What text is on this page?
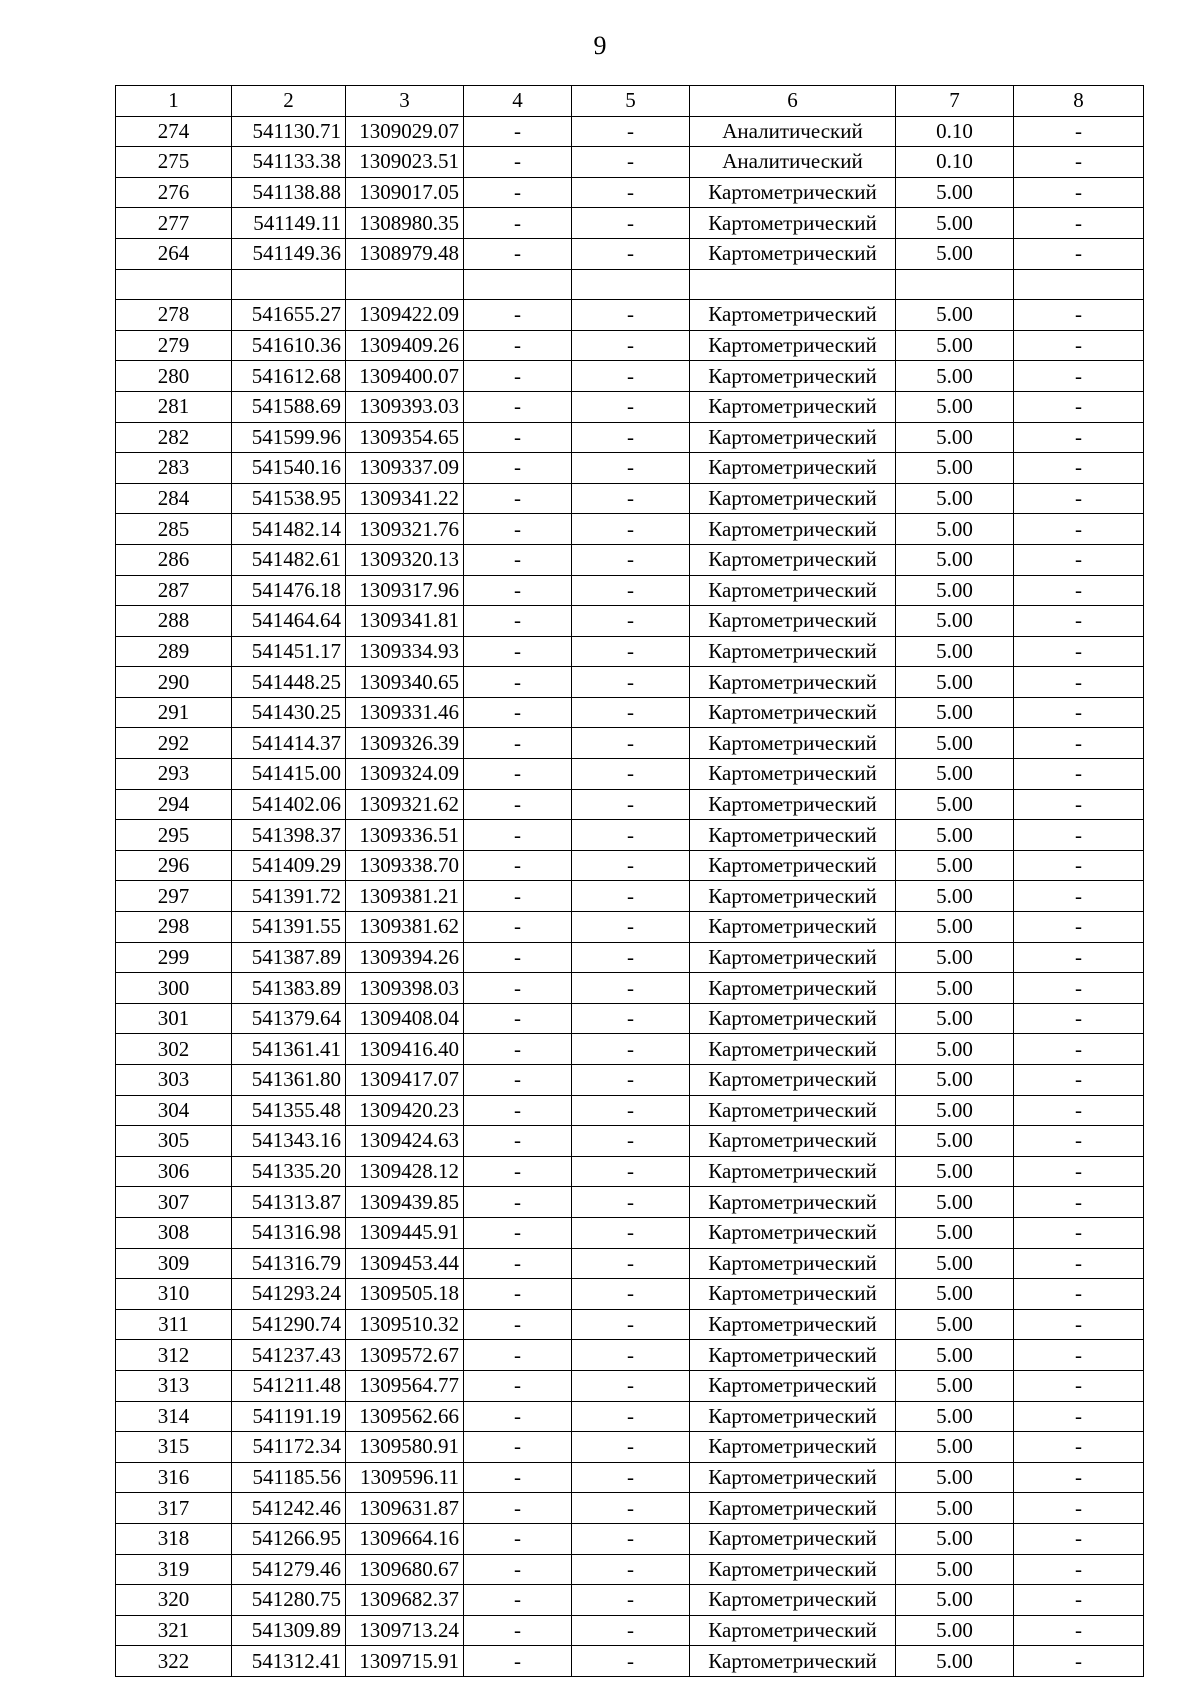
9
1	2	3	4	5	6	7	8
274	541130.71	1309029.07	-	-	Аналитический	0.10	-
275	541133.38	1309023.51	-	-	Аналитический	0.10	-
276	541138.88	1309017.05	-	-	Картометрический	5.00	-
277	541149.11	1308980.35	-	-	Картометрический	5.00	-
264	541149.36	1308979.48	-	-	Картометрический	5.00	-

278	541655.27	1309422.09	-	-	Картометрический	5.00	-
279	541610.36	1309409.26	-	-	Картометрический	5.00	-
280	541612.68	1309400.07	-	-	Картометрический	5.00	-
281	541588.69	1309393.03	-	-	Картометрический	5.00	-
282	541599.96	1309354.65	-	-	Картометрический	5.00	-
283	541540.16	1309337.09	-	-	Картометрический	5.00	-
284	541538.95	1309341.22	-	-	Картометрический	5.00	-
285	541482.14	1309321.76	-	-	Картометрический	5.00	-
286	541482.61	1309320.13	-	-	Картометрический	5.00	-
287	541476.18	1309317.96	-	-	Картометрический	5.00	-
288	541464.64	1309341.81	-	-	Картометрический	5.00	-
289	541451.17	1309334.93	-	-	Картометрический	5.00	-
290	541448.25	1309340.65	-	-	Картометрический	5.00	-
291	541430.25	1309331.46	-	-	Картометрический	5.00	-
292	541414.37	1309326.39	-	-	Картометрический	5.00	-
293	541415.00	1309324.09	-	-	Картометрический	5.00	-
294	541402.06	1309321.62	-	-	Картометрический	5.00	-
295	541398.37	1309336.51	-	-	Картометрический	5.00	-
296	541409.29	1309338.70	-	-	Картометрический	5.00	-
297	541391.72	1309381.21	-	-	Картометрический	5.00	-
298	541391.55	1309381.62	-	-	Картометрический	5.00	-
299	541387.89	1309394.26	-	-	Картометрический	5.00	-
300	541383.89	1309398.03	-	-	Картометрический	5.00	-
301	541379.64	1309408.04	-	-	Картометрический	5.00	-
302	541361.41	1309416.40	-	-	Картометрический	5.00	-
303	541361.80	1309417.07	-	-	Картометрический	5.00	-
304	541355.48	1309420.23	-	-	Картометрический	5.00	-
305	541343.16	1309424.63	-	-	Картометрический	5.00	-
306	541335.20	1309428.12	-	-	Картометрический	5.00	-
307	541313.87	1309439.85	-	-	Картометрический	5.00	-
308	541316.98	1309445.91	-	-	Картометрический	5.00	-
309	541316.79	1309453.44	-	-	Картометрический	5.00	-
310	541293.24	1309505.18	-	-	Картометрический	5.00	-
311	541290.74	1309510.32	-	-	Картометрический	5.00	-
312	541237.43	1309572.67	-	-	Картометрический	5.00	-
313	541211.48	1309564.77	-	-	Картометрический	5.00	-
314	541191.19	1309562.66	-	-	Картометрический	5.00	-
315	541172.34	1309580.91	-	-	Картометрический	5.00	-
316	541185.56	1309596.11	-	-	Картометрический	5.00	-
317	541242.46	1309631.87	-	-	Картометрический	5.00	-
318	541266.95	1309664.16	-	-	Картометрический	5.00	-
319	541279.46	1309680.67	-	-	Картометрический	5.00	-
320	541280.75	1309682.37	-	-	Картометрический	5.00	-
321	541309.89	1309713.24	-	-	Картометрический	5.00	-
322	541312.41	1309715.91	-	-	Картометрический	5.00	-
